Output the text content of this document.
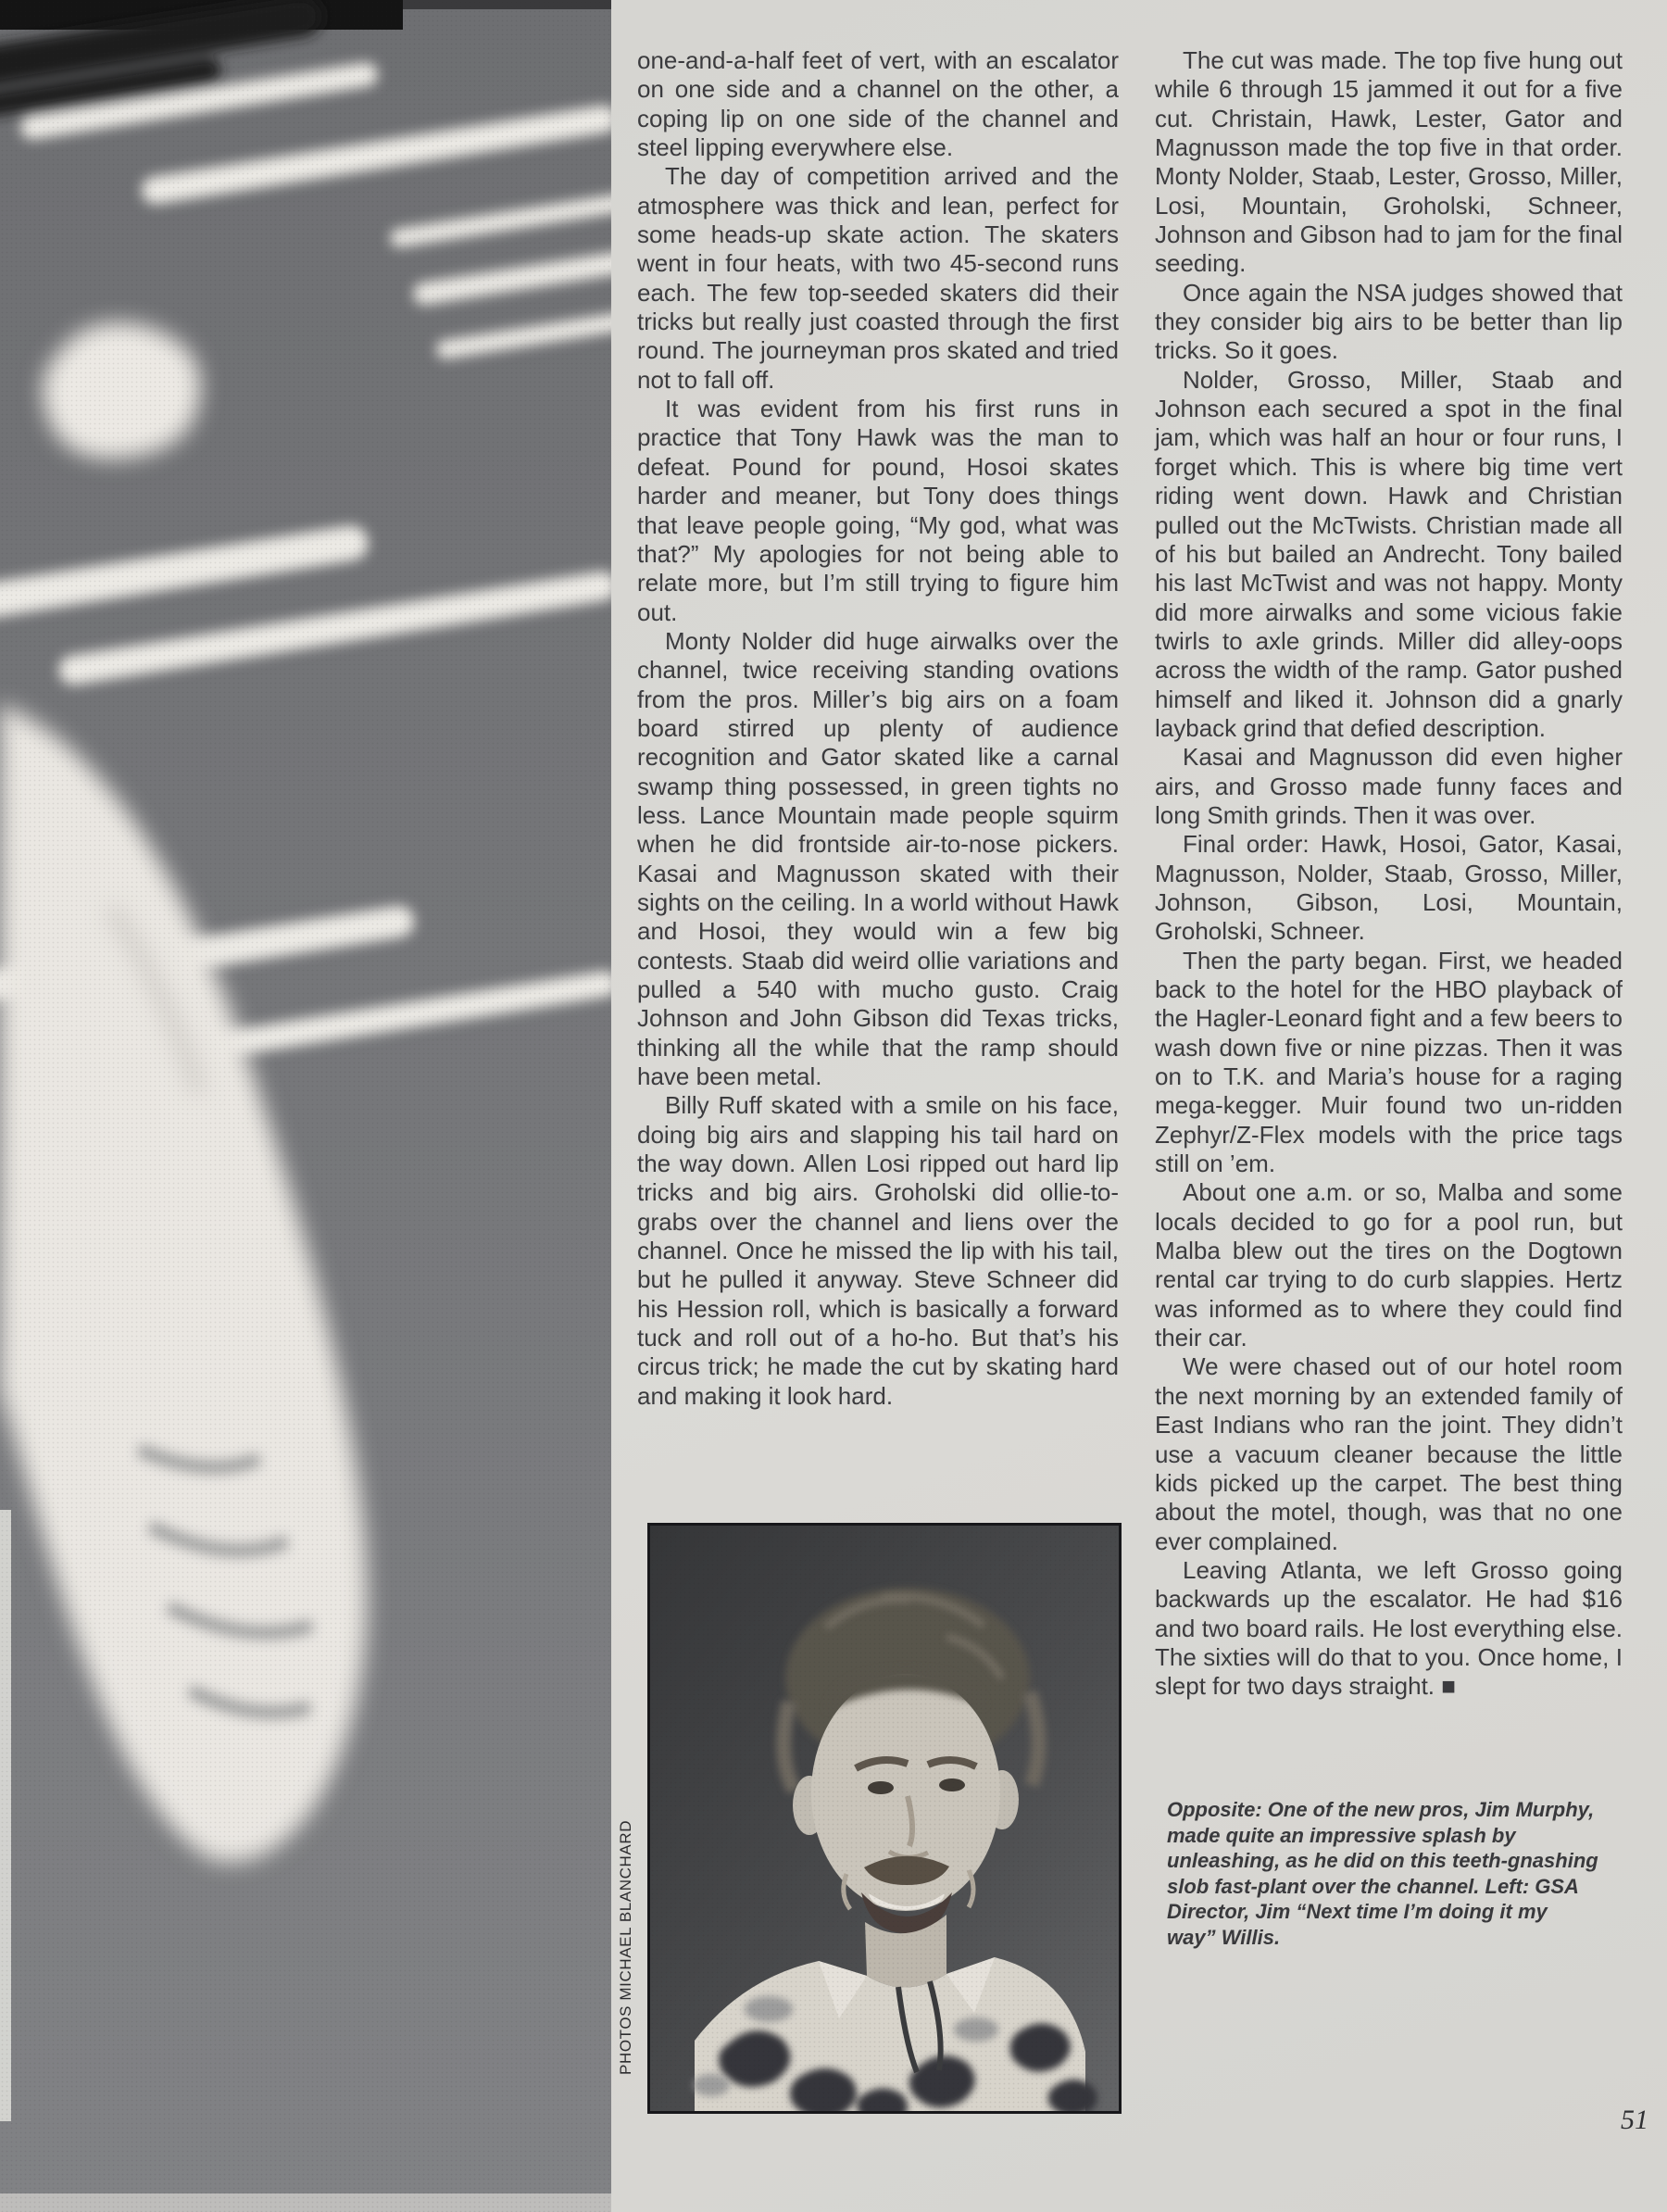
PHOTOS MICHAEL BLANCHARD

one-and-a-half feet of vert, with an escalator on one side and a channel on the other, a coping lip on one side of the channel and steel lipping everywhere else.

The day of competition arrived and the atmosphere was thick and lean, perfect for some heads-up skate action. The skaters went in four heats, with two 45-second runs each. The few top-seeded skaters did their tricks but really just coasted through the first round. The journeyman pros skated and tried not to fall off.

It was evident from his first runs in practice that Tony Hawk was the man to defeat. Pound for pound, Hosoi skates harder and meaner, but Tony does things that leave people going, “My god, what was that?” My apologies for not being able to relate more, but I’m still trying to figure him out.

Monty Nolder did huge airwalks over the channel, twice receiving standing ovations from the pros. Miller’s big airs on a foam board stirred up plenty of audience recognition and Gator skated like a carnal swamp thing possessed, in green tights no less. Lance Mountain made people squirm when he did frontside air-to-nose pickers. Kasai and Magnusson skated with their sights on the ceiling. In a world without Hawk and Hosoi, they would win a few big contests. Staab did weird ollie variations and pulled a 540 with mucho gusto. Craig Johnson and John Gibson did Texas tricks, thinking all the while that the ramp should have been metal.

Billy Ruff skated with a smile on his face, doing big airs and slapping his tail hard on the way down. Allen Losi ripped out hard lip tricks and big airs. Groholski did ollie-to-grabs over the channel and liens over the channel. Once he missed the lip with his tail, but he pulled it anyway. Steve Schneer did his Hession roll, which is basically a forward tuck and roll out of a ho-ho. But that’s his circus trick; he made the cut by skating hard and making it look hard.

The cut was made. The top five hung out while 6 through 15 jammed it out for a five cut. Christain, Hawk, Lester, Gator and Magnusson made the top five in that order. Monty Nolder, Staab, Lester, Grosso, Miller, Losi, Mountain, Groholski, Schneer, Johnson and Gibson had to jam for the final seeding.

Once again the NSA judges showed that they consider big airs to be better than lip tricks. So it goes.

Nolder, Grosso, Miller, Staab and Johnson each secured a spot in the final jam, which was half an hour or four runs, I forget which. This is where big time vert riding went down. Hawk and Christian pulled out the McTwists. Christian made all of his but bailed an Andrecht. Tony bailed his last McTwist and was not happy. Monty did more airwalks and some vicious fakie twirls to axle grinds. Miller did alley-oops across the width of the ramp. Gator pushed himself and liked it. Johnson did a gnarly layback grind that defied description.

Kasai and Magnusson did even higher airs, and Grosso made funny faces and long Smith grinds. Then it was over.

Final order: Hawk, Hosoi, Gator, Kasai, Magnusson, Nolder, Staab, Grosso, Miller, Johnson, Gibson, Losi, Mountain, Groholski, Schneer.

Then the party began. First, we headed back to the hotel for the HBO playback of the Hagler-Leonard fight and a few beers to wash down five or nine pizzas. Then it was on to T.K. and Maria’s house for a raging mega-kegger. Muir found two un-ridden Zephyr/Z-Flex models with the price tags still on ’em.

About one a.m. or so, Malba and some locals decided to go for a pool run, but Malba blew out the tires on the Dogtown rental car trying to do curb slappies. Hertz was informed as to where they could find their car.

We were chased out of our hotel room the next morning by an extended family of East Indians who ran the joint. They didn’t use a vacuum cleaner because the little kids picked up the carpet. The best thing about the motel, though, was that no one ever complained.

Leaving Atlanta, we left Grosso going backwards up the escalator. He had $16 and two board rails. He lost everything else. The sixties will do that to you. Once home, I slept for two days straight. ■

Opposite: One of the new pros, Jim Murphy, made quite an impressive splash by unleashing, as he did on this teeth-gnashing slob fast-plant over the channel. Left: GSA Director, Jim “Next time I’m doing it my way” Willis.
51
